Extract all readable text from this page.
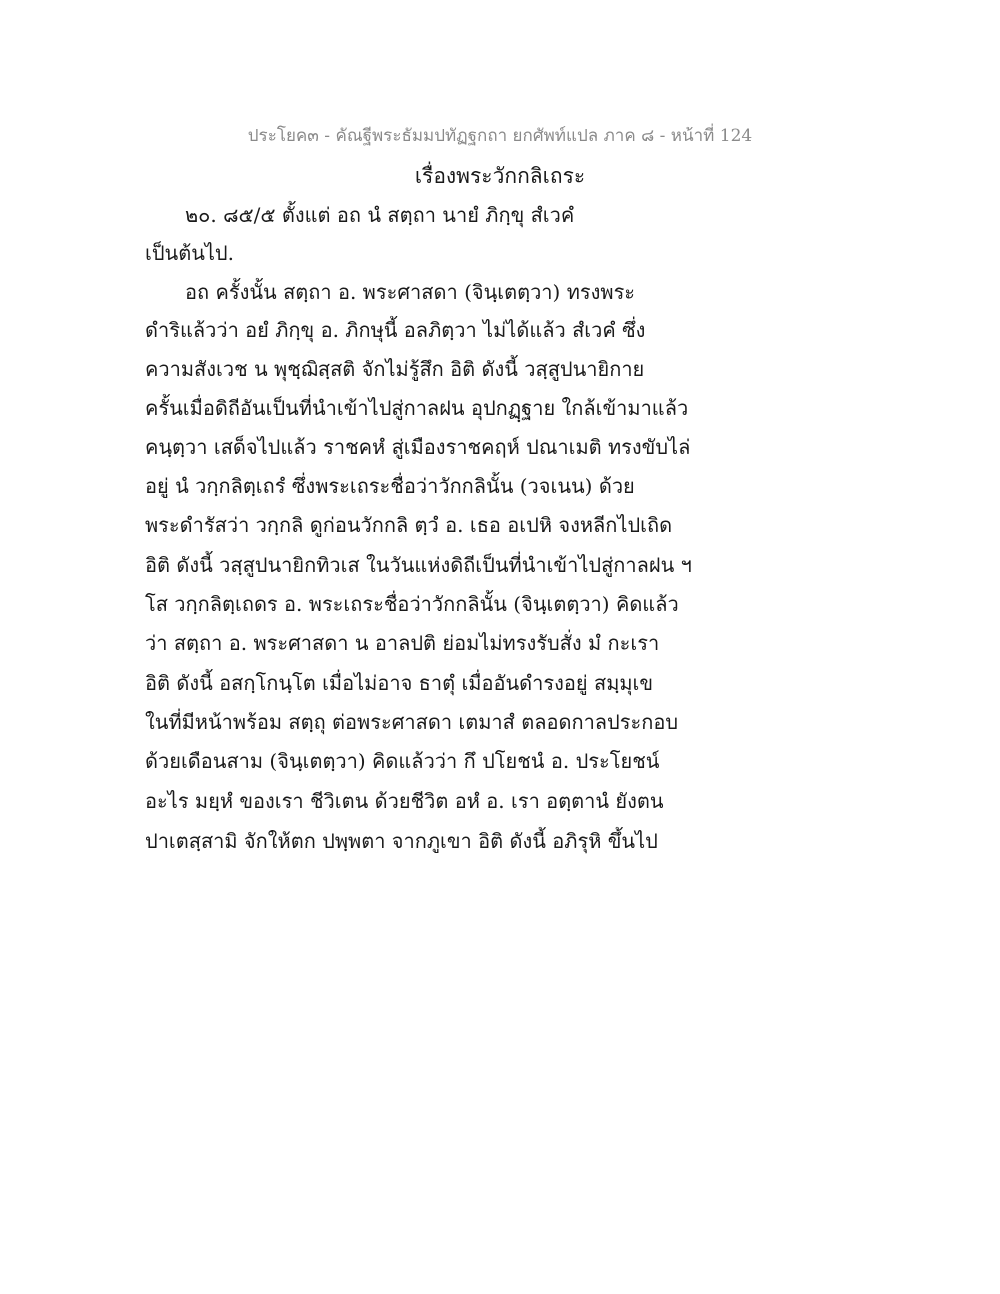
ประโยค๓ - คัณฐีพระธัมมปทัฏฐกถา ยกศัพท์แปล ภาค ๘ - หน้าที่ 124
เรื่องพระวักกลิเถระ
๒๐. ๘๕/๕ ตั้งแต่ อถ นํ สตฺถา นายํ ภิกฺขุ สํเวคํ
เป็นต้นไป.
อถ ครั้งนั้น สตฺถา อ. พระศาสดา (จินฺเตตฺวา) ทรงพระ
ดำริแล้วว่า อยํ ภิกฺขุ อ. ภิกษุนี้ อลภิตฺวา ไม่ได้แล้ว สํเวคํ ซึ่ง
ความสังเวช น พุชฺฌิสฺสติ จักไม่รู้สึก อิติ ดังนี้ วสฺสูปนายิกาย
ครั้นเมื่อดิถีอันเป็นที่นำเข้าไปสู่กาลฝน อุปกฏฺฐาย ใกล้เข้ามาแล้ว
คนฺตฺวา เสด็จไปแล้ว ราชคหํ สู่เมืองราชคฤห์ ปณาเมติ ทรงขับไล่
อยู่ นํ วกฺกลิตฺเถรํ ซึ่งพระเถระชื่อว่าวักกลินั้น (วจเนน) ด้วย
พระดำรัสว่า วกฺกลิ ดูก่อนวักกลิ ตฺวํ อ. เธอ อเปหิ จงหลีกไปเถิด
อิติ ดังนี้ วสฺสูปนายิกทิวเส ในวันแห่งดิถีเป็นที่นำเข้าไปสู่กาลฝน ฯ
โส วกฺกลิตฺเถดร อ. พระเถระชื่อว่าวักกลินั้น (จินฺเตตฺวา) คิดแล้ว
ว่า สตฺถา อ. พระศาสดา น อาลปติ ย่อมไม่ทรงรับสั่ง มํ กะเรา
อิติ ดังนี้ อสกฺโกนฺโต เมื่อไม่อาจ ธาตุํ เมื่ออันดำรงอยู่ สมฺมุเข
ในที่มีหน้าพร้อม สตฺถุ ต่อพระศาสดา เตมาสํ ตลอดกาลประกอบ
ด้วยเดือนสาม (จินฺเตตฺวา) คิดแล้วว่า กึ ปโยชนํ อ. ประโยชน์
อะไร มยฺหํ ของเรา ชีวิเตน ด้วยชีวิต อหํ อ. เรา อตฺตานํ ยังตน
ปาเตสฺสามิ จักให้ตก ปพฺพตา จากภูเขา อิติ ดังนี้ อภิรุหิ ขึ้นไป
